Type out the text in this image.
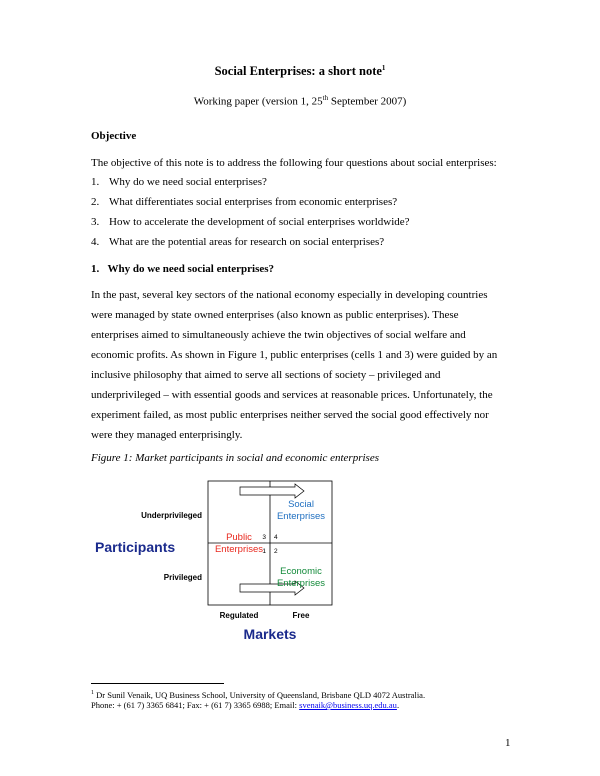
Social Enterprises: a short note$^1$
Working paper (version 1, 25th September 2007)
Objective
The objective of this note is to address the following four questions about social enterprises:
1. Why do we need social enterprises?
2. What differentiates social enterprises from economic enterprises?
3. How to accelerate the development of social enterprises worldwide?
4. What are the potential areas for research on social enterprises?
1.   Why do we need social enterprises?
In the past, several key sectors of the national economy especially in developing countries
were managed by state owned enterprises (also known as public enterprises). These
enterprises aimed to simultaneously achieve the twin objectives of social welfare and
economic profits. As shown in Figure 1, public enterprises (cells 1 and 3) were guided by an
inclusive philosophy that aimed to serve all sections of society – privileged and
underprivileged – with essential goods and services at reasonable prices. Unfortunately, the
experiment failed, as most public enterprises neither served the social good effectively nor
were they managed enterprisingly.
Figure 1: Market participants in social and economic enterprises
Underprivileged
Privileged
Participants
Regulated	Free
Markets
3 4
1 2
Social
Enterprises
Public
Enterprises
Economic
Enterprises
$^1$ Dr Sunil Venaik, UQ Business School, University of Queensland, Brisbane QLD 4072 Australia.
Phone: + (61 7) 3365 6841; Fax: + (61 7) 3365 6988; Email: svenaik@business.uq.edu.au.
1
